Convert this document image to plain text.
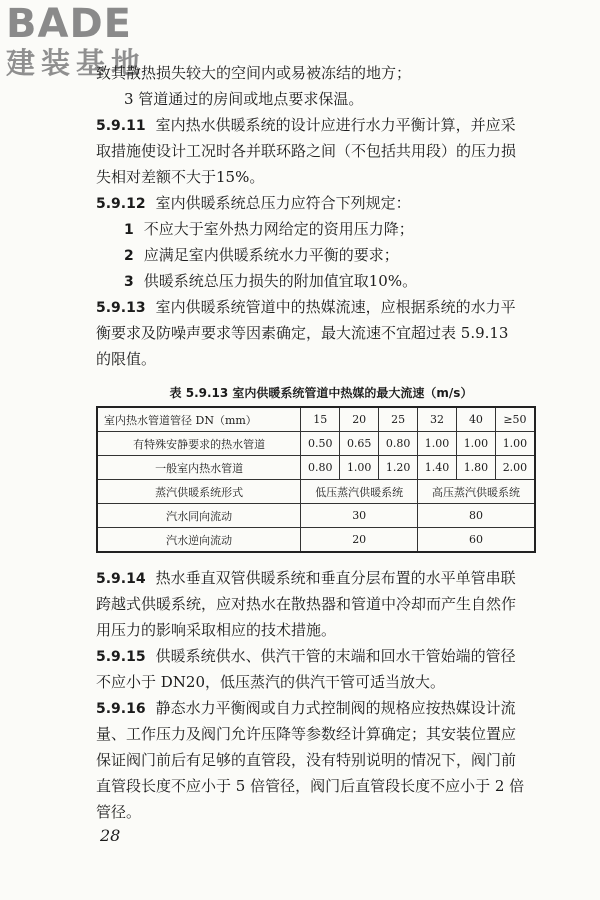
BADE
建装基地
致其散热损失较大的空间内或易被冻结的地方；
3 管道通过的房间或地点要求保温。
5.9.11 室内热水供暖系统的设计应进行水力平衡计算，并应采
取措施使设计工况时各并联环路之间（不包括共用段）的压力损
失相对差额不大于15%。
5.9.12 室内供暖系统总压力应符合下列规定：
1 不应大于室外热力网给定的资用压力降；
2 应满足室内供暖系统水力平衡的要求；
3 供暖系统总压力损失的附加值宜取10%。
5.9.13 室内供暖系统管道中的热媒流速，应根据系统的水力平
衡要求及防噪声要求等因素确定，最大流速不宜超过表 5.9.13
的限值。
表 5.9.13 室内供暖系统管道中热媒的最大流速（m/s）
室内热水管道管径 DN（mm）	15	20	25	32	40	≥50
有特殊安静要求的热水管道	0.50	0.65	0.80	1.00	1.00	1.00
一般室内热水管道	0.80	1.00	1.20	1.40	1.80	2.00
蒸汽供暖系统形式	低压蒸汽供暖系统			高压蒸汽供暖系统		
汽水同向流动	30			80		
汽水逆向流动	20			60		
5.9.14 热水垂直双管供暖系统和垂直分层布置的水平单管串联
跨越式供暖系统，应对热水在散热器和管道中冷却而产生自然作
用压力的影响采取相应的技术措施。
5.9.15 供暖系统供水、供汽干管的末端和回水干管始端的管径
不应小于 DN20，低压蒸汽的供汽干管可适当放大。
5.9.16 静态水力平衡阀或自力式控制阀的规格应按热媒设计流
量、工作压力及阀门允许压降等参数经计算确定；其安装位置应
保证阀门前后有足够的直管段，没有特别说明的情况下，阀门前
直管段长度不应小于 5 倍管径，阀门后直管段长度不应小于 2 倍
管径。
28
